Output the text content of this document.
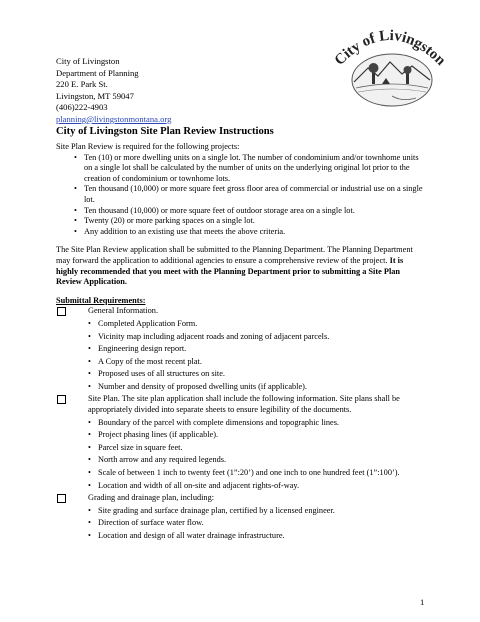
City of Livingston
Department of Planning
220 E. Park St.
Livingston, MT 59047
(406)222-4903
planning@livingstonmontana.org
City of Livingston
City of Livingston Site Plan Review Instructions

Site Plan Review is required for the following projects:

• Ten (10) or more dwelling units on a single lot. The number of condominium and/or townhome units on a single lot shall be calculated by the number of units on the underlying original lot prior to the creation of condominium or townhome lots.
• Ten thousand (10,000) or more square feet gross floor area of commercial or industrial use on a single lot.
• Ten thousand (10,000) or more square feet of outdoor storage area on a single lot.
• Twenty (20) or more parking spaces on a single lot.
• Any addition to an existing use that meets the above criteria.

The Site Plan Review application shall be submitted to the Planning Department. The Planning Department may forward the application to additional agencies to ensure a comprehensive review of the project. It is highly recommended that you meet with the Planning Department prior to submitting a Site Plan Review Application.

Submittal Requirements:

General Information.
• Completed Application Form.
• Vicinity map including adjacent roads and zoning of adjacent parcels.
• Engineering design report.
• A Copy of the most recent plat.
• Proposed uses of all structures on site.
• Number and density of proposed dwelling units (if applicable).
Site Plan. The site plan application shall include the following information. Site plans shall be appropriately divided into separate sheets to ensure legibility of the documents.
• Boundary of the parcel with complete dimensions and topographic lines.
• Project phasing lines (if applicable).
• Parcel size in square feet.
• North arrow and any required legends.
• Scale of between 1 inch to twenty feet (1”:20’) and one inch to one hundred feet (1”:100’).
• Location and width of all on-site and adjacent rights-of-way.
Grading and drainage plan, including:
• Site grading and surface drainage plan, certified by a licensed engineer.
• Direction of surface water flow.
• Location and design of all water drainage infrastructure.
1
